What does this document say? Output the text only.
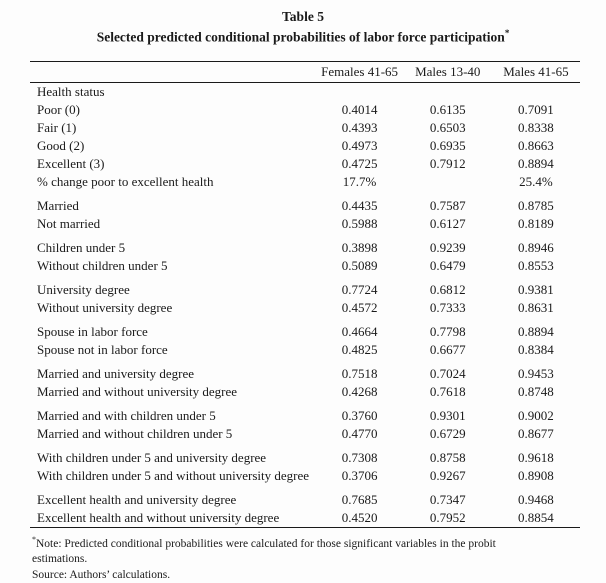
Table 5
Selected predicted conditional probabilities of labor force participation*
	Females 41-65	Males 13-40	Males 41-65
Health status			
Poor (0)	0.4014	0.6135	0.7091
Fair (1)	0.4393	0.6503	0.8338
Good (2)	0.4973	0.6935	0.8663
Excellent (3)	0.4725	0.7912	0.8894
% change poor to excellent health	17.7%		25.4%
Married	0.4435	0.7587	0.8785
Not married	0.5988	0.6127	0.8189
Children under 5	0.3898	0.9239	0.8946
Without children under 5	0.5089	0.6479	0.8553
University degree	0.7724	0.6812	0.9381
Without university degree	0.4572	0.7333	0.8631
Spouse in labor force	0.4664	0.7798	0.8894
Spouse not in labor force	0.4825	0.6677	0.8384
Married and university degree	0.7518	0.7024	0.9453
Married and without university degree	0.4268	0.7618	0.8748
Married and with children under 5	0.3760	0.9301	0.9002
Married and without children under 5	0.4770	0.6729	0.8677
With children under 5 and university degree	0.7308	0.8758	0.9618
With children under 5 and without university degree	0.3706	0.9267	0.8908
Excellent health and university degree	0.7685	0.7347	0.9468
Excellent health and without university degree	0.4520	0.7952	0.8854
*Note: Predicted conditional probabilities were calculated for those significant variables in the probit estimations.
Source: Authors’ calculations.
